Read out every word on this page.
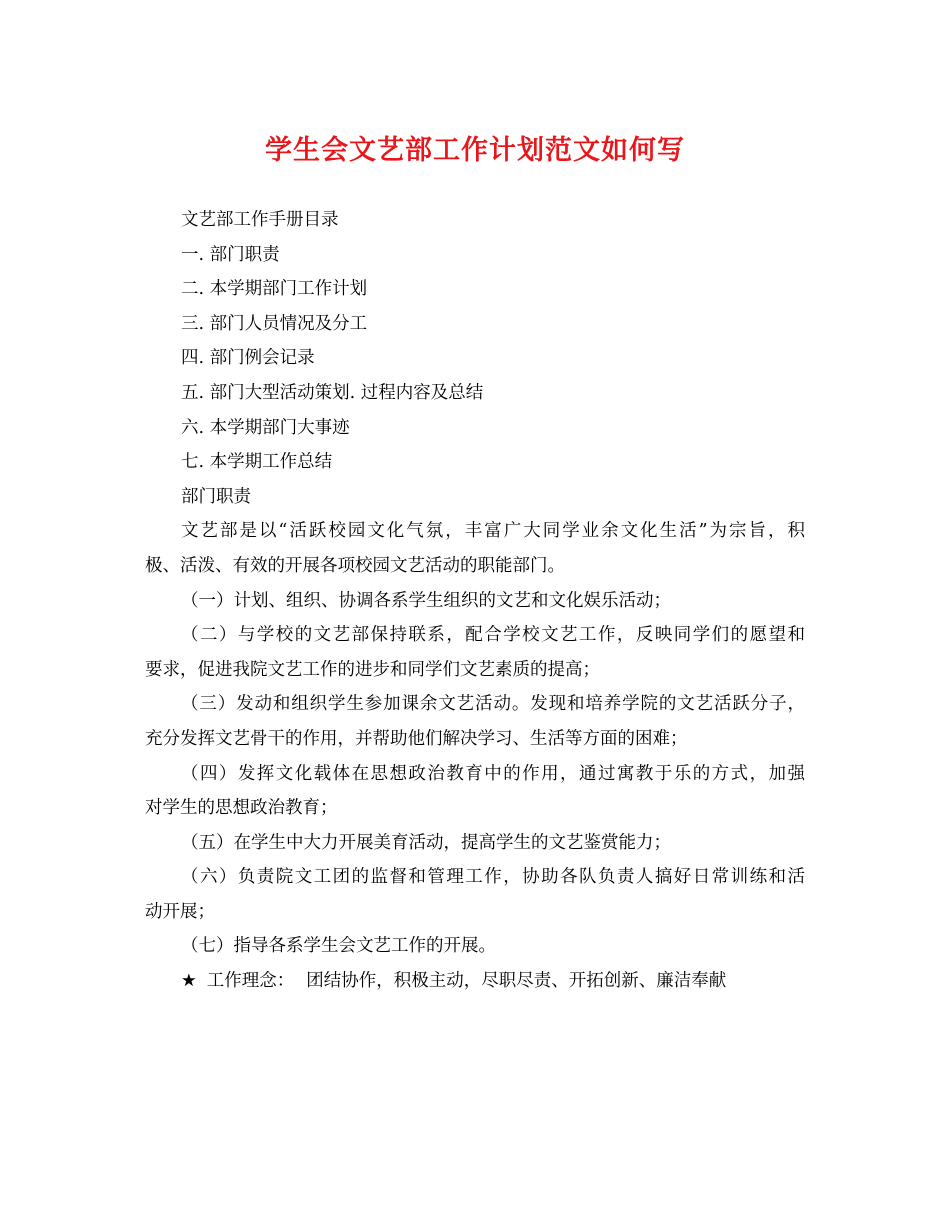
学生会文艺部工作计划范文如何写

文艺部工作手册目录

一. 部门职责

二. 本学期部门工作计划

三. 部门人员情况及分工

四. 部门例会记录

五. 部门大型活动策划. 过程内容及总结

六. 本学期部门大事迹

七. 本学期工作总结

部门职责

文艺部是以“活跃校园文化气氛，丰富广大同学业余文化生活”为宗旨，积

极、活泼、有效的开展各项校园文艺活动的职能部门。

（一）计划、组织、协调各系学生组织的文艺和文化娱乐活动；

（二）与学校的文艺部保持联系，配合学校文艺工作，反映同学们的愿望和

要求，促进我院文艺工作的进步和同学们文艺素质的提高；

（三）发动和组织学生参加课余文艺活动。发现和培养学院的文艺活跃分子，

充分发挥文艺骨干的作用，并帮助他们解决学习、生活等方面的困难；

（四）发挥文化载体在思想政治教育中的作用，通过寓教于乐的方式，加强

对学生的思想政治教育；

（五）在学生中大力开展美育活动，提高学生的文艺鉴赏能力；

（六）负责院文工团的监督和管理工作，协助各队负责人搞好日常训练和活

动开展；

（七）指导各系学生会文艺工作的开展。

★ 工作理念： 团结协作，积极主动，尽职尽责、开拓创新、廉洁奉献
